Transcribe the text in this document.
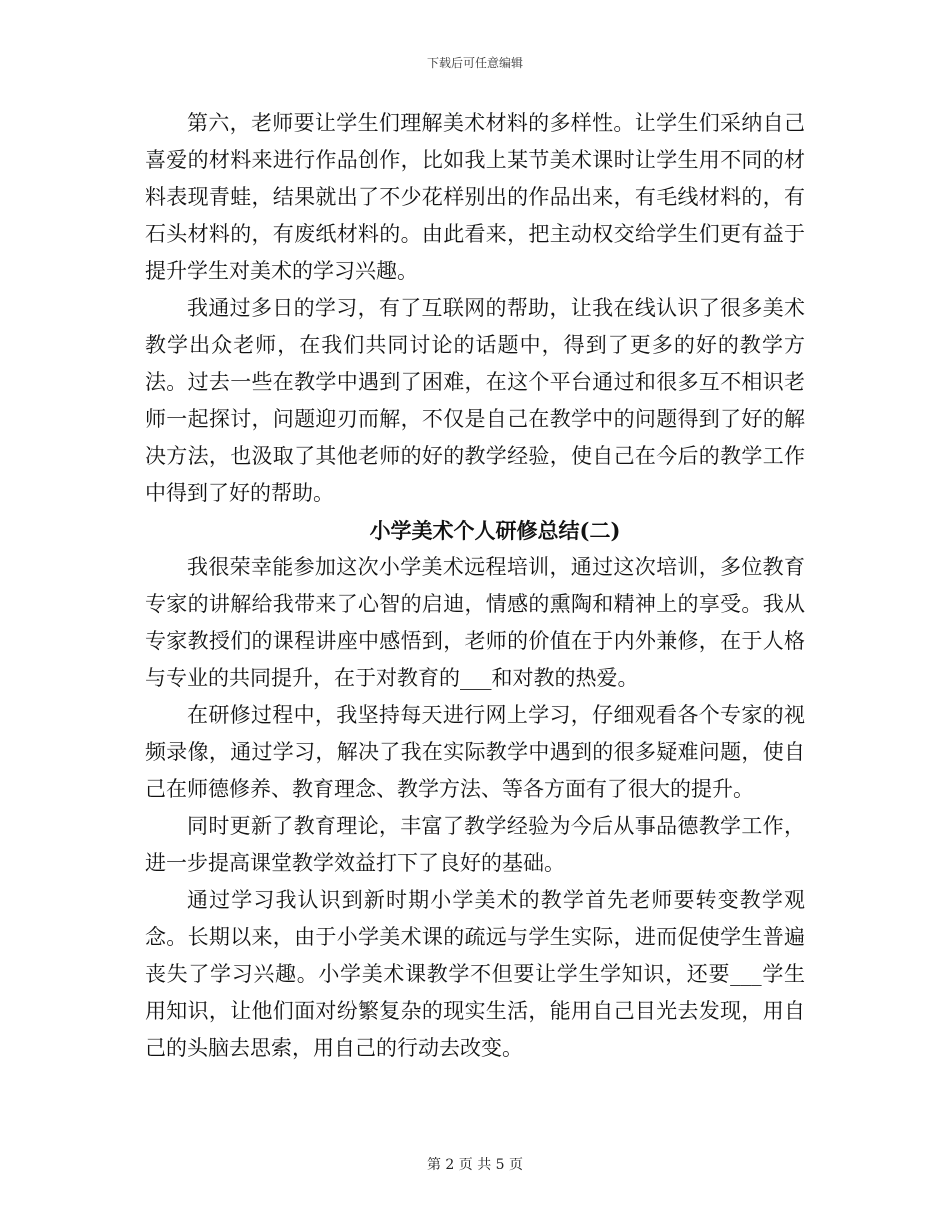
下载后可任意编辑

第六，老师要让学生们理解美术材料的多样性。让学生们采纳自己喜爱的材料来进行作品创作，比如我上某节美术课时让学生用不同的材料表现青蛙，结果就出了不少花样别出的作品出来，有毛线材料的，有石头材料的，有废纸材料的。由此看来，把主动权交给学生们更有益于提升学生对美术的学习兴趣。

我通过多日的学习，有了互联网的帮助，让我在线认识了很多美术教学出众老师，在我们共同讨论的话题中，得到了更多的好的教学方法。过去一些在教学中遇到了困难，在这个平台通过和很多互不相识老师一起探讨，问题迎刃而解，不仅是自己在教学中的问题得到了好的解决方法，也汲取了其他老师的好的教学经验，使自己在今后的教学工作中得到了好的帮助。

小学美术个人研修总结(二)

我很荣幸能参加这次小学美术远程培训，通过这次培训，多位教育专家的讲解给我带来了心智的启迪，情感的熏陶和精神上的享受。我从专家教授们的课程讲座中感悟到，老师的价值在于内外兼修，在于人格与专业的共同提升，在于对教育的___和对教的热爱。

在研修过程中，我坚持每天进行网上学习，仔细观看各个专家的视频录像，通过学习，解决了我在实际教学中遇到的很多疑难问题，使自己在师德修养、教育理念、教学方法、等各方面有了很大的提升。

同时更新了教育理论，丰富了教学经验为今后从事品德教学工作，进一步提高课堂教学效益打下了良好的基础。

通过学习我认识到新时期小学美术的教学首先老师要转变教学观念。长期以来，由于小学美术课的疏远与学生实际，进而促使学生普遍丧失了学习兴趣。小学美术课教学不但要让学生学知识，还要___学生用知识，让他们面对纷繁复杂的现实生活，能用自己目光去发现，用自己的头脑去思索，用自己的行动去改变。

第 2 页 共 5 页
